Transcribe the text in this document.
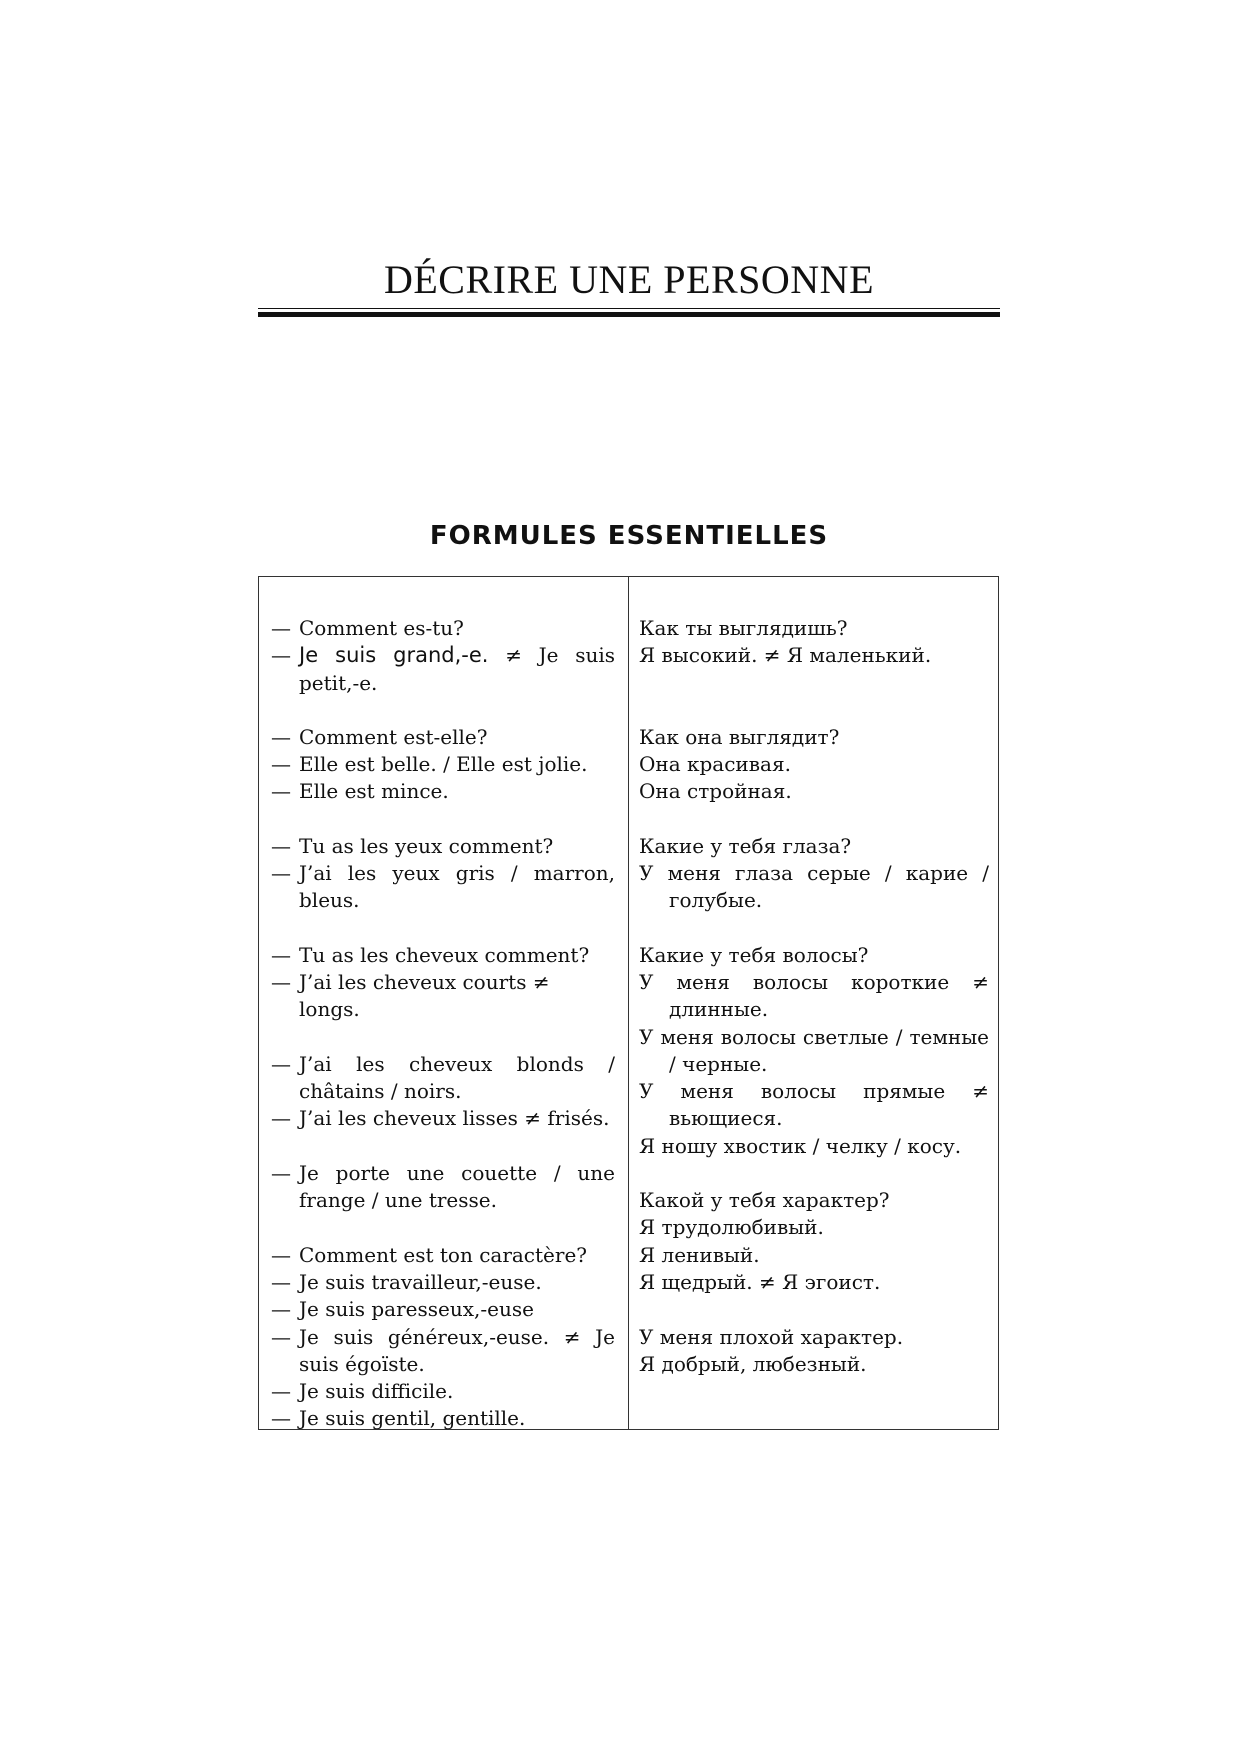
DÉCRIRE UNE PERSONNE
FORMULES ESSENTIELLES
— Comment es-tu?
— Je suis grand,-e. ≠ Je suis petit,-e.
— Comment est-elle?
— Elle est belle. / Elle est jolie.
— Elle est mince.
— Tu as les yeux comment?
— J’ai les yeux gris / marron, bleus.
— Tu as les cheveux comment?
— J’ai les cheveux courts ≠ longs.
— J’ai les cheveux blonds / châtains / noirs.
— J’ai les cheveux lisses ≠ frisés.
— Je porte une couette / une frange / une tresse.
— Comment est ton caractère?
— Je suis travailleur,-euse.
— Je suis paresseux,-euse
— Je suis généreux,-euse. ≠ Je suis égoïste.
— Je suis difficile.
— Je suis gentil, gentille.
Как ты выглядишь?
Я высокий. ≠ Я маленький.
Как она выглядит?
Она красивая.
Она стройная.
Какие у тебя глаза?
У меня глаза серые / карие / голубые.
Какие у тебя волосы?
У меня волосы короткие ≠ длинные.
У меня волосы светлые / темные / черные.
У меня волосы прямые ≠ вьющиеся.
Я ношу хвостик / челку / косу.
Какой у тебя характер?
Я трудолюбивый.
Я ленивый.
Я щедрый. ≠ Я эгоист.
У меня плохой характер.
Я добрый, любезный.
